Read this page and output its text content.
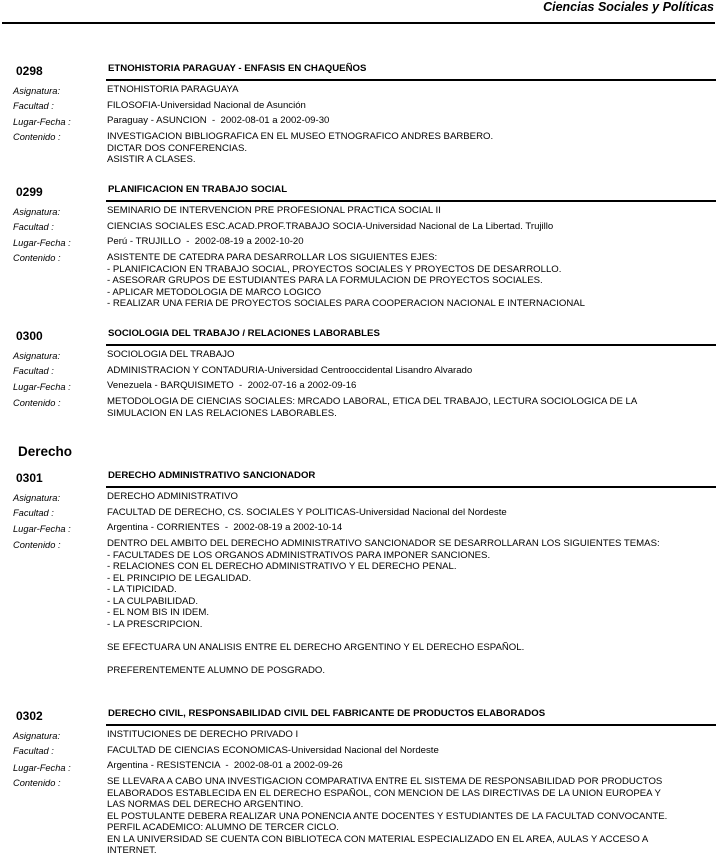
Ciencias Sociales y Políticas
0298	ETNOHISTORIA PARAGUAY - ENFASIS EN CHAQUEÑOS
Asignatura:	ETNOHISTORIA PARAGUAYA
Facultad :	FILOSOFIA-Universidad Nacional de Asunción
Lugar-Fecha :	Paraguay - ASUNCION  -  2002-08-01 a 2002-09-30
Contenido :	INVESTIGACION BIBLIOGRAFICA EN EL MUSEO ETNOGRAFICO ANDRES BARBERO.
DICTAR DOS CONFERENCIAS.
ASISTIR A CLASES.
0299	PLANIFICACION EN TRABAJO SOCIAL
Asignatura:	SEMINARIO DE INTERVENCION PRE PROFESIONAL PRACTICA SOCIAL II
Facultad :	CIENCIAS SOCIALES ESC.ACAD.PROF.TRABAJO SOCIA-Universidad Nacional de La Libertad. Trujillo
Lugar-Fecha :	Perú - TRUJILLO  -  2002-08-19 a 2002-10-20
Contenido :	ASISTENTE DE CATEDRA PARA DESARROLLAR LOS SIGUIENTES EJES:
- PLANIFICACION EN TRABAJO SOCIAL, PROYECTOS SOCIALES Y PROYECTOS DE DESARROLLO.
- ASESORAR GRUPOS DE ESTUDIANTES PARA LA FORMULACION DE PROYECTOS SOCIALES.
- APLICAR METODOLOGIA DE MARCO LOGICO
- REALIZAR UNA FERIA DE PROYECTOS SOCIALES PARA COOPERACION NACIONAL E INTERNACIONAL
0300	SOCIOLOGIA DEL TRABAJO / RELACIONES LABORABLES
Asignatura:	SOCIOLOGIA DEL TRABAJO
Facultad :	ADMINISTRACION Y CONTADURIA-Universidad Centrooccidental Lisandro Alvarado
Lugar-Fecha :	Venezuela - BARQUISIMETO  -  2002-07-16 a 2002-09-16
Contenido :	METODOLOGIA DE CIENCIAS SOCIALES: MRCADO LABORAL, ETICA DEL TRABAJO, LECTURA SOCIOLOGICA DE LA
SIMULACION EN LAS RELACIONES LABORABLES.
Derecho
0301	DERECHO ADMINISTRATIVO SANCIONADOR
Asignatura:	DERECHO ADMINISTRATIVO
Facultad :	FACULTAD DE DERECHO, CS. SOCIALES Y POLITICAS-Universidad Nacional del Nordeste
Lugar-Fecha :	Argentina - CORRIENTES  -  2002-08-19 a 2002-10-14
Contenido :	DENTRO DEL AMBITO DEL DERECHO ADMINISTRATIVO SANCIONADOR SE DESARROLLARAN LOS SIGUIENTES TEMAS:
- FACULTADES DE LOS ORGANOS ADMINISTRATIVOS PARA IMPONER SANCIONES.
- RELACIONES CON EL DERECHO ADMINISTRATIVO Y EL DERECHO PENAL.
- EL PRINCIPIO DE LEGALIDAD.
- LA TIPICIDAD.
- LA CULPABILIDAD.
- EL NOM BIS IN IDEM.
- LA PRESCRIPCION.

SE EFECTUARA UN ANALISIS ENTRE EL DERECHO ARGENTINO Y EL DERECHO ESPAÑOL.

PREFERENTEMENTE ALUMNO DE POSGRADO.
0302	DERECHO CIVIL, RESPONSABILIDAD CIVIL DEL FABRICANTE DE PRODUCTOS ELABORADOS
Asignatura:	INSTITUCIONES DE DERECHO PRIVADO I
Facultad :	FACULTAD DE CIENCIAS ECONOMICAS-Universidad Nacional del Nordeste
Lugar-Fecha :	Argentina - RESISTENCIA  -  2002-08-01 a 2002-09-26
Contenido :	SE LLEVARA A CABO UNA INVESTIGACION COMPARATIVA ENTRE EL SISTEMA DE RESPONSABILIDAD POR PRODUCTOS
ELABORADOS ESTABLECIDA EN EL DERECHO ESPAÑOL, CON MENCION DE LAS DIRECTIVAS DE LA UNION EUROPEA Y
LAS NORMAS DEL DERECHO ARGENTINO.
EL POSTULANTE DEBERA REALIZAR UNA PONENCIA ANTE DOCENTES Y ESTUDIANTES DE LA FACULTAD CONVOCANTE.
PERFIL ACADEMICO: ALUMNO DE TERCER CICLO.
EN LA UNIVERSIDAD SE CUENTA CON BIBLIOTECA CON MATERIAL ESPECIALIZADO EN EL AREA, AULAS Y ACCESO A
INTERNET.
